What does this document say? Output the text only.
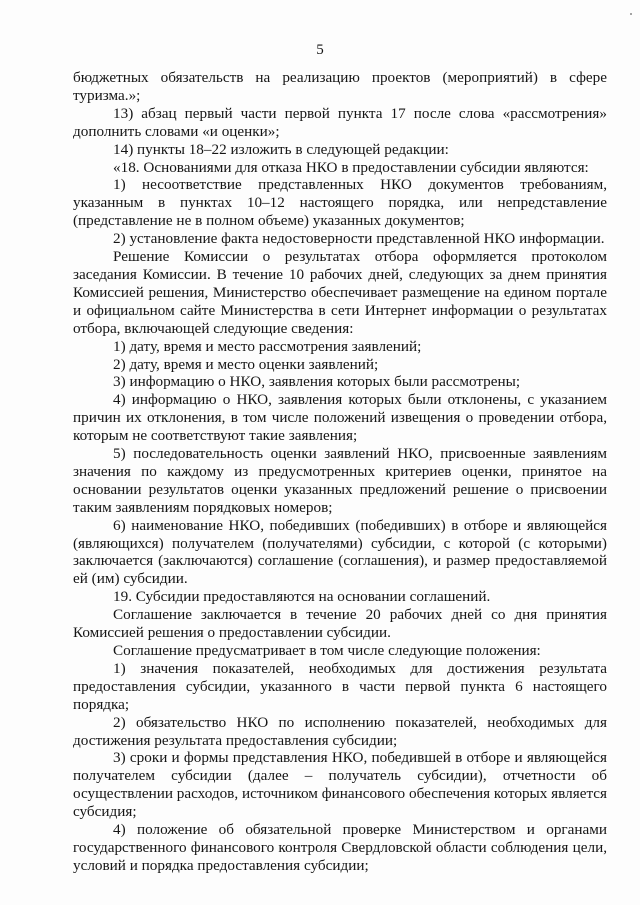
5

бюджетных обязательств на реализацию проектов (мероприятий) в сфере туризма.»;

13) абзац первый части первой пункта 17 после слова «рассмотрения» дополнить словами «и оценки»;

14) пункты 18–22 изложить в следующей редакции:

«18. Основаниями для отказа НКО в предоставлении субсидии являются:

1) несоответствие представленных НКО документов требованиям, указанным в пунктах 10–12 настоящего порядка, или непредставление (представление не в полном объеме) указанных документов;

2) установление факта недостоверности представленной НКО информации.

Решение Комиссии о результатах отбора оформляется протоколом заседания Комиссии. В течение 10 рабочих дней, следующих за днем принятия Комиссией решения, Министерство обеспечивает размещение на едином портале и официальном сайте Министерства в сети Интернет информации о результатах отбора, включающей следующие сведения:

1) дату, время и место рассмотрения заявлений;

2) дату, время и место оценки заявлений;

3) информацию о НКО, заявления которых были рассмотрены;

4) информацию о НКО, заявления которых были отклонены, с указанием причин их отклонения, в том числе положений извещения о проведении отбора, которым не соответствуют такие заявления;

5) последовательность оценки заявлений НКО, присвоенные заявлениям значения по каждому из предусмотренных критериев оценки, принятое на основании результатов оценки указанных предложений решение о присвоении таким заявлениям порядковых номеров;

6) наименование НКО, победивших (победивших) в отборе и являющейся (являющихся) получателем (получателями) субсидии, с которой (с которыми) заключается (заключаются) соглашение (соглашения), и размер предоставляемой ей (им) субсидии.

19. Субсидии предоставляются на основании соглашений.

Соглашение заключается в течение 20 рабочих дней со дня принятия Комиссией решения о предоставлении субсидии.

Соглашение предусматривает в том числе следующие положения:

1) значения показателей, необходимых для достижения результата предоставления субсидии, указанного в части первой пункта 6 настоящего порядка;

2) обязательство НКО по исполнению показателей, необходимых для достижения результата предоставления субсидии;

3) сроки и формы представления НКО, победившей в отборе и являющейся получателем субсидии (далее – получатель субсидии), отчетности об осуществлении расходов, источником финансового обеспечения которых является субсидия;

4) положение об обязательной проверке Министерством и органами государственного финансового контроля Свердловской области соблюдения цели, условий и порядка предоставления субсидии;
